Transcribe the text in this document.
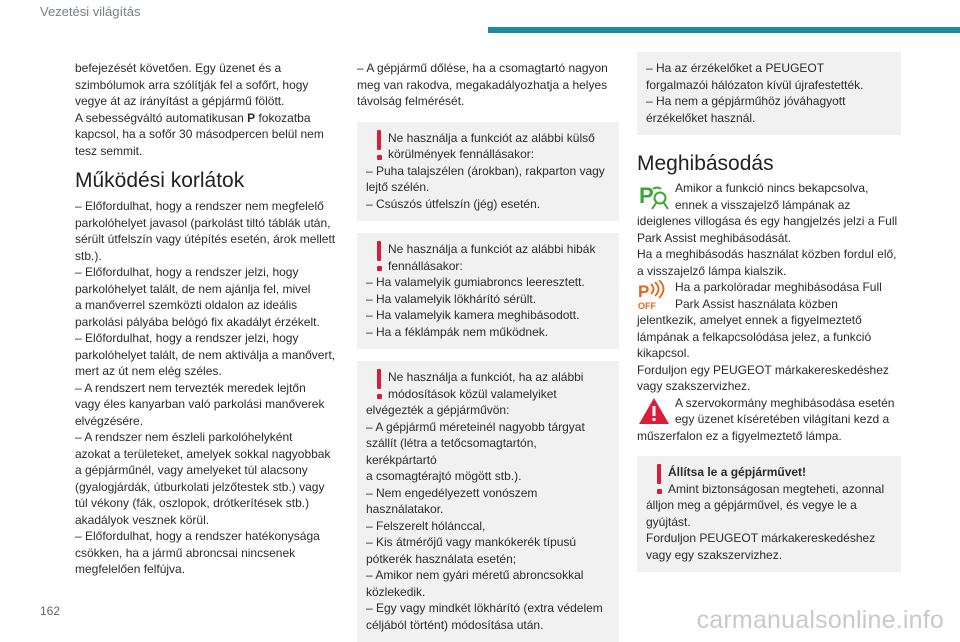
Vezetési világítás

befejezését követően. Egy üzenet és a
szimbólumok arra szólítják fel a sofőrt, hogy
vegye át az irányítást a gépjármű fölött.

A sebességváltó automatikusan P fokozatba
kapcsol, ha a sofőr 30 másodpercen belül nem
tesz semmit.

Működési korlátok

– Előfordulhat, hogy a rendszer nem megfelelő
parkolóhelyet javasol (parkolást tiltó táblák után,
sérült útfelszín vagy útépítés esetén, árok mellett
stb.).
– Előfordulhat, hogy a rendszer jelzi, hogy
parkolóhelyet talált, de nem ajánlja fel, mivel
a manőverrel szemközti oldalon az ideális
parkolási pályába belógó fix akadályt érzékelt.
– Előfordulhat, hogy a rendszer jelzi, hogy
parkolóhelyet talált, de nem aktiválja a manővert,
mert az út nem elég széles.
– A rendszert nem tervezték meredek lejtőn
vagy éles kanyarban való parkolási manőverek
elvégzésére.
– A rendszer nem észleli parkolóhelyként
azokat a területeket, amelyek sokkal nagyobbak
a gépjárműnél, vagy amelyeket túl alacsony
(gyalogjárdák, útburkolati jelzőtestek stb.) vagy
túl vékony (fák, oszlopok, drótkerítések stb.)
akadályok vesznek körül.
– Előfordulhat, hogy a rendszer hatékonysága
csökken, ha a jármű abroncsai nincsenek
megfelelően felfújva.

– A gépjármű dőlése, ha a csomagtartó nagyon
meg van rakodva, megakadályozhatja a helyes
távolság felmérését.

Ne használja a funkciót az alábbi külső
körülmények fennállásakor:

– Puha talajszélen (árokban), rakparton vagy
lejtő szélén.
– Csúszós útfelszín (jég) esetén.

Ne használja a funkciót az alábbi hibák
fennállásakor:

– Ha valamelyik gumiabroncs leeresztett.
– Ha valamelyik lökhárító sérült.
– Ha valamelyik kamera meghibásodott.
– Ha a féklámpák nem működnek.

Ne használja a funkciót, ha az alábbi
módosítások közül valamelyiket

elvégezték a gépjárművön:
– A gépjármű méreteinél nagyobb tárgyat
szállít (létra a tetőcsomagtartón, kerékpártartó
a csomagtérajtó mögött stb.).
– Nem engedélyezett vonószem
használatakor.
– Felszerelt hólánccal,
– Kis átmérőjű vagy mankókerék típusú
pótkerék használata esetén;
– Amikor nem gyári méretű abroncsokkal
közlekedik.
– Egy vagy mindkét lökhárító (extra védelem
céljából történt) módosítása után.

– Ha az érzékelőket a PEUGEOT
forgalmazói hálózaton kívül újrafestették.
– Ha nem a gépjárműhöz jóváhagyott
érzékelőket használ.

Meghibásodás
P Amikor a funkció nincs bekapcsolva,
ennek a visszajelző lámpának az

ideiglenes villogása és egy hangjelzés jelzi a Full
Park Assist meghibásodását.
Ha a meghibásodás használat közben fordul elő,
a visszajelző lámpa kialszik.

P
OFF

Ha a parkolóradar meghibásodása Full
Park Assist használata közben

jelentkezik, amelyet ennek a figyelmeztető
lámpának a felkapcsolódása jelez, a funkció
kikapcsol.
Forduljon egy PEUGEOT márkakereskedéshez
vagy szakszervizhez.

A szervokormány meghibásodása esetén
egy üzenet kíséretében világítani kezd a

műszerfalon ez a figyelmeztető lámpa.

Állítsa le a gépjárművet!

Amint biztonságosan megteheti, azonnal

álljon meg a gépjárművel, és vegye le a
gyújtást.
Forduljon PEUGEOT márkakereskedéshez
vagy egy szakszervizhez.

162	carmanualsonline.info
